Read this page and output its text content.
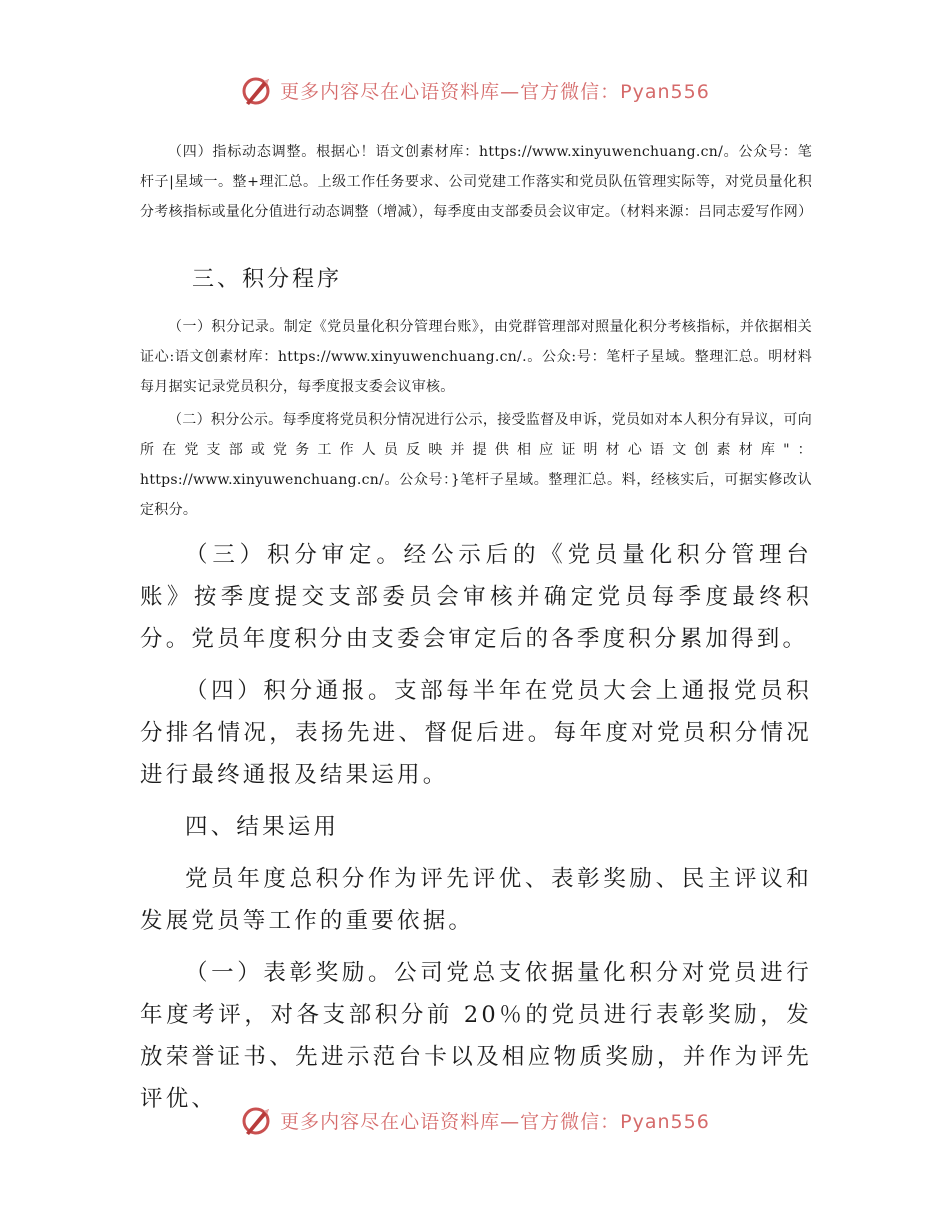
更多内容尽在心语资料库—官方微信：Pyan556

（四）指标动态调整。根据心！语文创素材库：https://www.xinyuwenchuang.cn/。公众号：笔杆子|星域一。整+理汇总。上级工作任务要求、公司党建工作落实和党员队伍管理实际等，对党员量化积分考核指标或量化分值进行动态调整（增减），每季度由支部委员会议审定。（材料来源：吕同志爱写作网）

三、积分程序

（一）积分记录。制定《党员量化积分管理台账》，由党群管理部对照量化积分考核指标，并依据相关证心:语文创素材库：https://www.xinyuwenchuang.cn/.。公众:号：笔杆子星域。整理汇总。明材料每月据实记录党员积分，每季度报支委会议审核。

（二）积分公示。每季度将党员积分情况进行公示，接受监督及申诉，党员如对本人积分有异议，可向所在党支部或党务工作人员反映并提供相应证明材心语文创素材库"：https://www.xinyuwenchuang.cn/。公众号：}笔杆子星域。整理汇总。料，经核实后，可据实修改认定积分。

（三）积分审定。经公示后的《党员量化积分管理台账》按季度提交支部委员会审核并确定党员每季度最终积分。党员年度积分由支委会审定后的各季度积分累加得到。

（四）积分通报。支部每半年在党员大会上通报党员积分排名情况，表扬先进、督促后进。每年度对党员积分情况进行最终通报及结果运用。

四、结果运用

党员年度总积分作为评先评优、表彰奖励、民主评议和发展党员等工作的重要依据。

（一）表彰奖励。公司党总支依据量化积分对党员进行年度考评，对各支部积分前 20％的党员进行表彰奖励，发放荣誉证书、先进示范台卡以及相应物质奖励，并作为评先评优、

更多内容尽在心语资料库—官方微信：Pyan556
